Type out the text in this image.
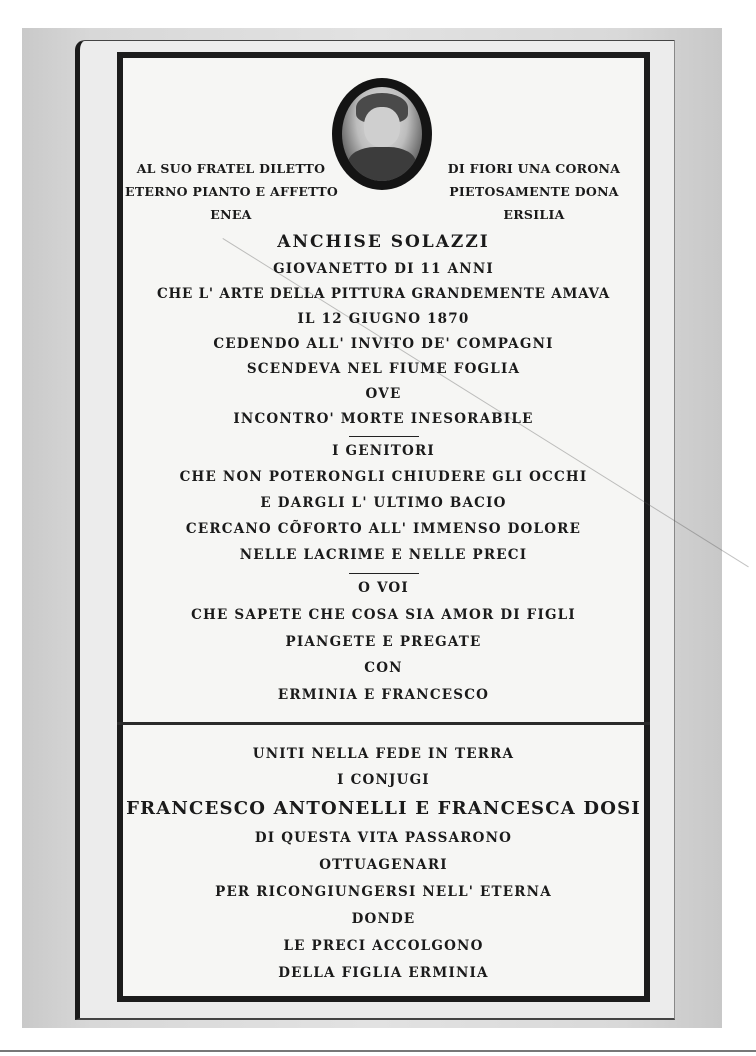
AL SUO FRATEL DILETTO
ETERNO PIANTO E AFFETTO
ENEA
DI FIORI UNA CORONA
PIETOSAMENTE DONA
ERSILIA
ANCHISE SOLAZZI
GIOVANETTO DI 11 ANNI
CHE L' ARTE DELLA PITTURA GRANDEMENTE AMAVA
IL 12 GIUGNO 1870
CEDENDO ALL' INVITO DE' COMPAGNI
SCENDEVA NEL FIUME FOGLIA
OVE
INCONTRO' MORTE INESORABILE
I GENITORI
CHE NON POTERONGLI CHIUDERE GLI OCCHI
E DARGLI L' ULTIMO BACIO
CERCANO CÕFORTO ALL' IMMENSO DOLORE
NELLE LACRIME E NELLE PRECI
O VOI
CHE SAPETE CHE COSA SIA AMOR DI FIGLI
PIANGETE E PREGATE
CON
ERMINIA E FRANCESCO
UNITI NELLA FEDE IN TERRA
I CONJUGI
FRANCESCO ANTONELLI E FRANCESCA DOSI
DI QUESTA VITA PASSARONO
OTTUAGENARI
PER RICONGIUNGERSI NELL' ETERNA
DONDE
LE PRECI ACCOLGONO
DELLA FIGLIA ERMINIA
